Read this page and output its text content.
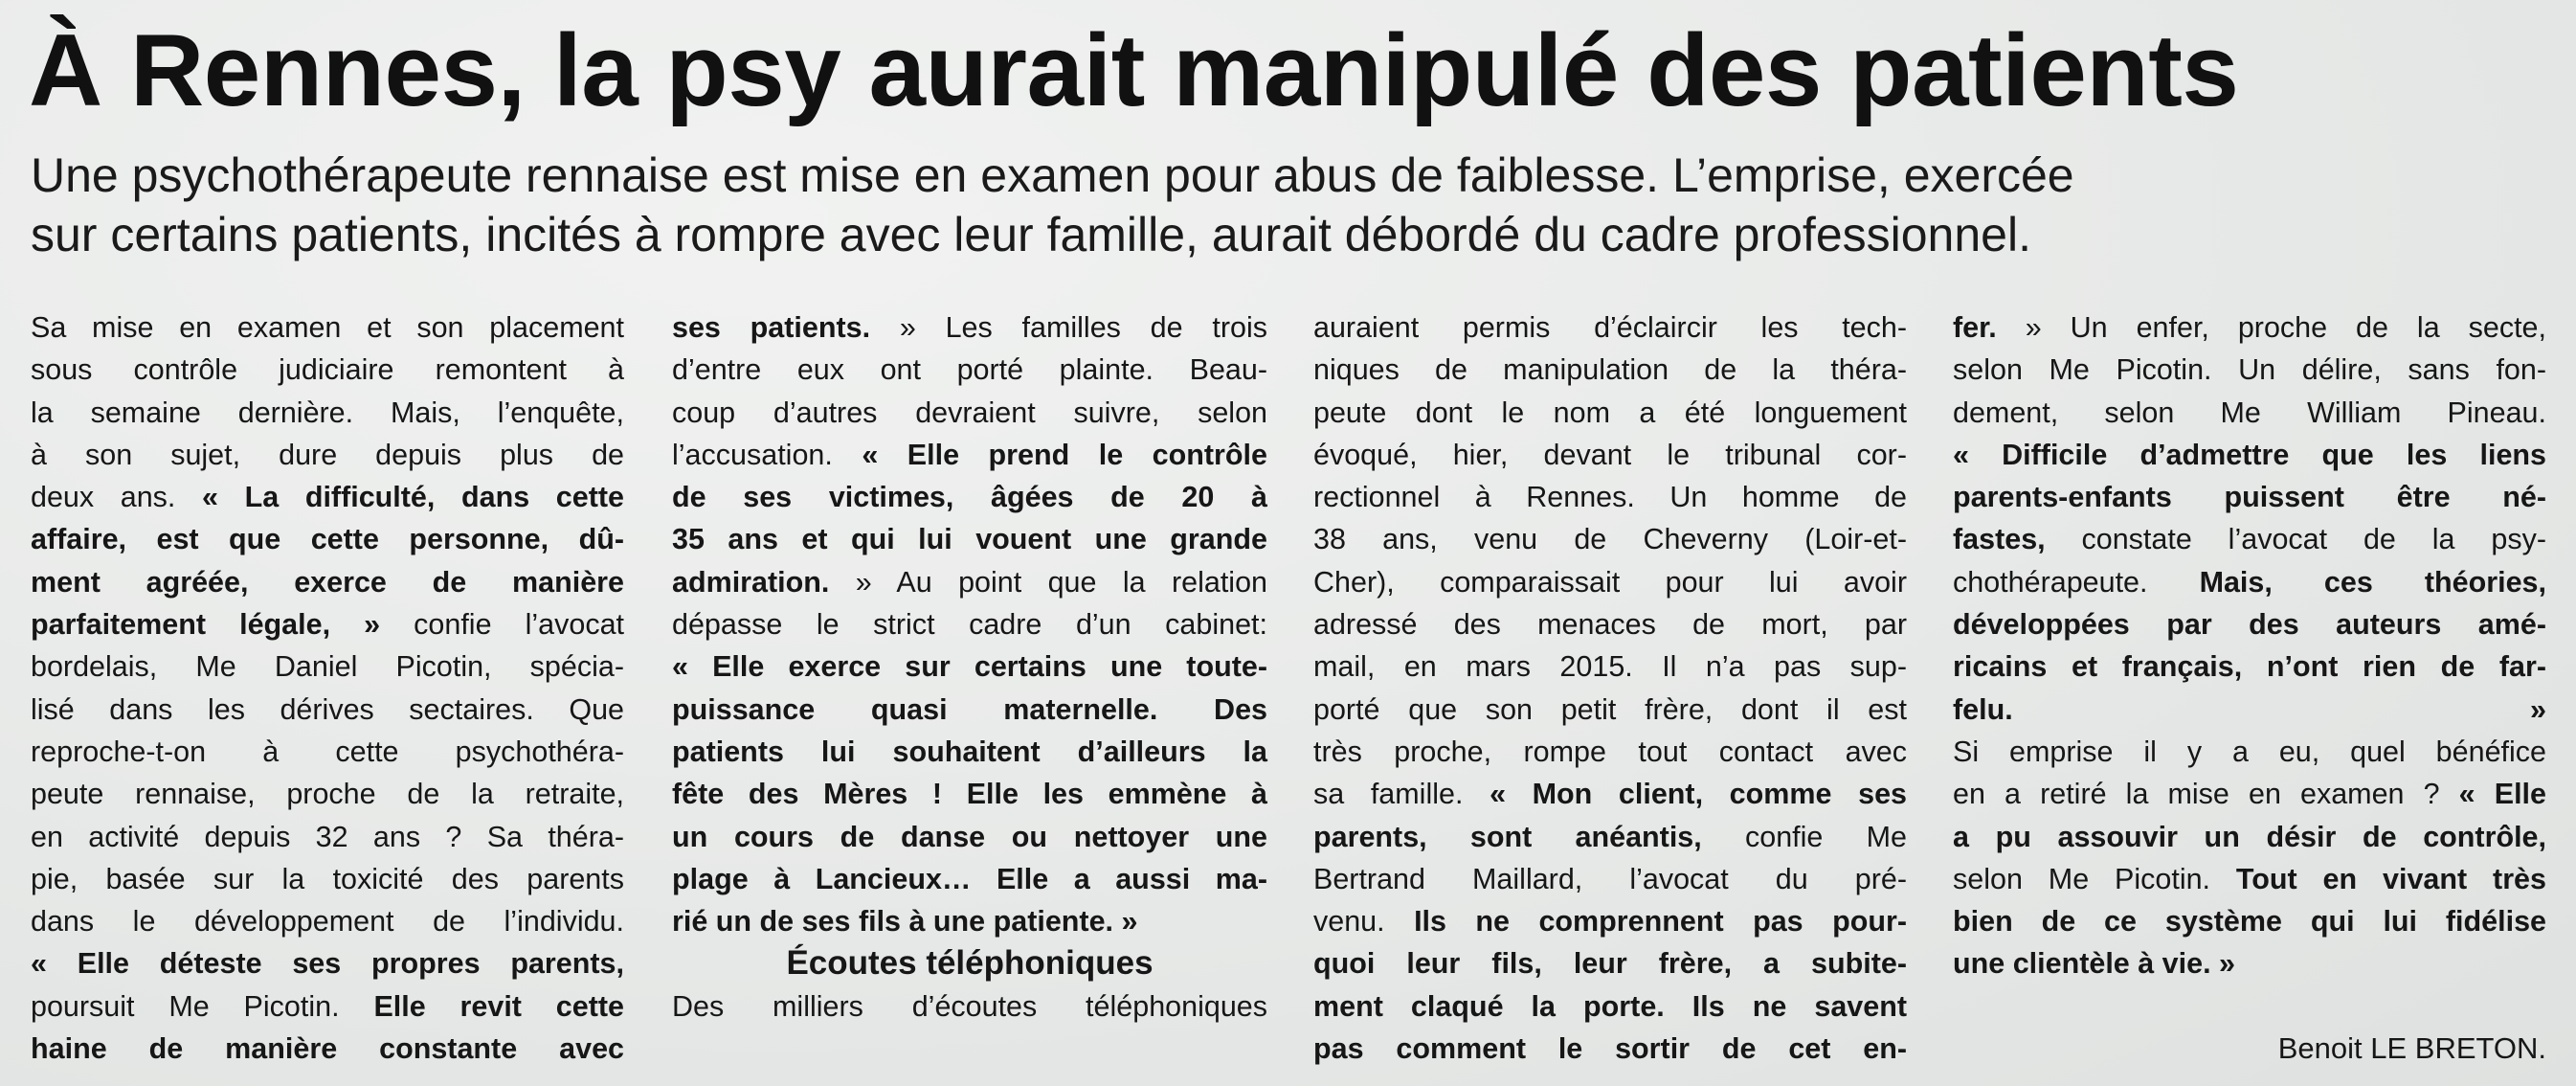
À Rennes, la psy aurait manipulé des patients
Une psychothérapeute rennaise est mise en examen pour abus de faiblesse. L’emprise, exercée
sur certains patients, incités à rompre avec leur famille, aurait débordé du cadre professionnel.
Sa mise en examen et son placement
sous contrôle judiciaire remontent à
la semaine dernière. Mais, l’enquête,
à son sujet, dure depuis plus de
deux ans. « La difficulté, dans cette
affaire, est que cette personne, dû-
ment agréée, exerce de manière
parfaitement légale, » confie l’avocat
bordelais, Me Daniel Picotin, spécia-
lisé dans les dérives sectaires. Que
reproche-t-on à cette psychothéra-
peute rennaise, proche de la retraite,
en activité depuis 32 ans ? Sa théra-
pie, basée sur la toxicité des parents
dans le développement de l’individu.
« Elle déteste ses propres parents,
poursuit Me Picotin. Elle revit cette
haine de manière constante avec
ses patients. » Les familles de trois
d’entre eux ont porté plainte. Beau-
coup d’autres devraient suivre, selon
l’accusation. « Elle prend le contrôle
de ses victimes, âgées de 20 à
35 ans et qui lui vouent une grande
admiration. » Au point que la relation
dépasse le strict cadre d’un cabinet:
« Elle exerce sur certains une toute-
puissance quasi maternelle. Des
patients lui souhaitent d’ailleurs la
fête des Mères ! Elle les emmène à
un cours de danse ou nettoyer une
plage à Lancieux… Elle a aussi ma-
rié un de ses fils à une patiente. »
Écoutes téléphoniques
Des milliers d’écoutes téléphoniques
auraient permis d’éclaircir les tech-
niques de manipulation de la théra-
peute dont le nom a été longuement
évoqué, hier, devant le tribunal cor-
rectionnel à Rennes. Un homme de
38 ans, venu de Cheverny (Loir-et-
Cher), comparaissait pour lui avoir
adressé des menaces de mort, par
mail, en mars 2015. Il n’a pas sup-
porté que son petit frère, dont il est
très proche, rompe tout contact avec
sa famille. « Mon client, comme ses
parents, sont anéantis, confie Me
Bertrand Maillard, l’avocat du pré-
venu. Ils ne comprennent pas pour-
quoi leur fils, leur frère, a subite-
ment claqué la porte. Ils ne savent
pas comment le sortir de cet en-
fer. » Un enfer, proche de la secte,
selon Me Picotin. Un délire, sans fon-
dement, selon Me William Pineau.
« Difficile d’admettre que les liens
parents-enfants puissent être né-
fastes, constate l’avocat de la psy-
chothérapeute. Mais, ces théories,
développées par des auteurs amé-
ricains et français, n’ont rien de far-
felu. »
Si emprise il y a eu, quel bénéfice
en a retiré la mise en examen ? « Elle
a pu assouvir un désir de contrôle,
selon Me Picotin. Tout en vivant très
bien de ce système qui lui fidélise
une clientèle à vie. »
Benoit LE BRETON.
